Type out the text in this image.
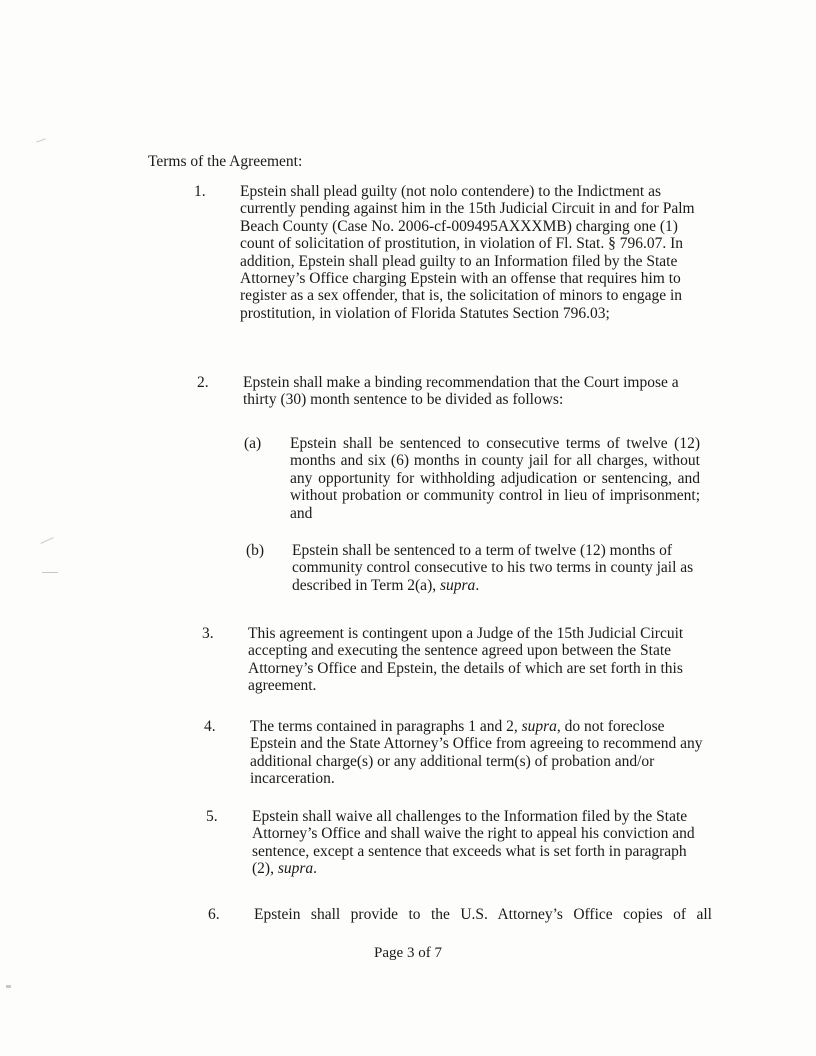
Terms of the Agreement:

1. Epstein shall plead guilty (not nolo contendere) to the Indictment as currently pending against him in the 15th Judicial Circuit in and for Palm Beach County (Case No. 2006-cf-009495AXXXMB) charging one (1) count of solicitation of prostitution, in violation of Fl. Stat. § 796.07. In addition, Epstein shall plead guilty to an Information filed by the State Attorney’s Office charging Epstein with an offense that requires him to register as a sex offender, that is, the solicitation of minors to engage in prostitution, in violation of Florida Statutes Section 796.03;
2. Epstein shall make a binding recommendation that the Court impose a thirty (30) month sentence to be divided as follows:
(a) Epstein shall be sentenced to consecutive terms of twelve (12) months and six (6) months in county jail for all charges, without any opportunity for withholding adjudication or sentencing, and without probation or community control in lieu of imprisonment; and
(b) Epstein shall be sentenced to a term of twelve (12) months of community control consecutive to his two terms in county jail as described in Term 2(a), supra.
3. This agreement is contingent upon a Judge of the 15th Judicial Circuit accepting and executing the sentence agreed upon between the State Attorney’s Office and Epstein, the details of which are set forth in this agreement.
4. The terms contained in paragraphs 1 and 2, supra, do not foreclose Epstein and the State Attorney’s Office from agreeing to recommend any additional charge(s) or any additional term(s) of probation and/or incarceration.
5. Epstein shall waive all challenges to the Information filed by the State Attorney’s Office and shall waive the right to appeal his conviction and sentence, except a sentence that exceeds what is set forth in paragraph (2), supra.
6. Epstein shall provide to the U.S. Attorney’s Office copies of all
Page 3 of 7
